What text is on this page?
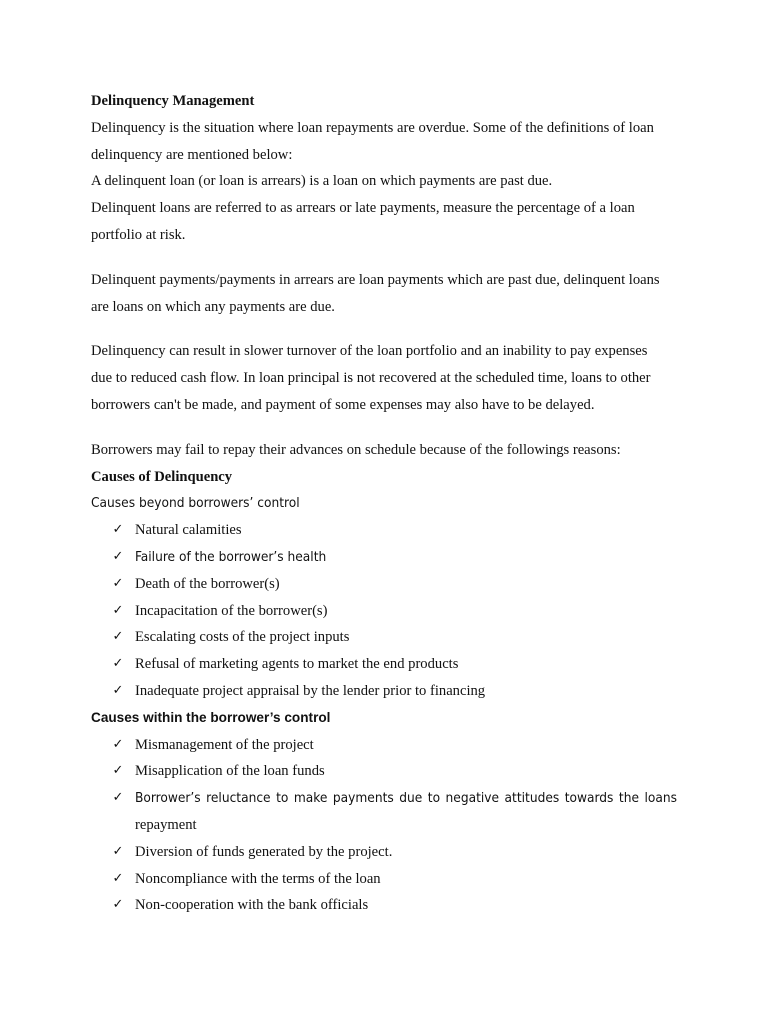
Delinquency Management

Delinquency is the situation where loan repayments are overdue. Some of the definitions of loan

delinquency are mentioned below:

A delinquent loan (or loan is arrears) is a loan on which payments are past due.

Delinquent loans are referred to as arrears or late payments, measure the percentage of a loan

portfolio at risk.

Delinquent payments/payments in arrears are loan payments which are past due, delinquent loans

are loans on which any payments are due.

Delinquency can result in slower turnover of the loan portfolio and an inability to pay expenses

due to reduced cash flow. In loan principal is not recovered at the scheduled time, loans to other

borrowers can't be made, and payment of some expenses may also have to be delayed.

Borrowers may fail to repay their advances on schedule because of the followings reasons:

Causes of Delinquency

Causes beyond borrowers’ control

✓ Natural calamities
✓ Failure of the borrower’s health
✓ Death of the borrower(s)
✓ Incapacitation of the borrower(s)
✓ Escalating costs of the project inputs
✓ Refusal of marketing agents to market the end products
✓ Inadequate project appraisal by the lender prior to financing

Causes within the borrower’s control

✓ Mismanagement of the project
✓ Misapplication of the loan funds
✓ Borrower’s reluctance to make payments due to negative attitudes towards the loans
repayment
✓ Diversion of funds generated by the project.
✓ Noncompliance with the terms of the loan
✓ Non-cooperation with the bank officials
